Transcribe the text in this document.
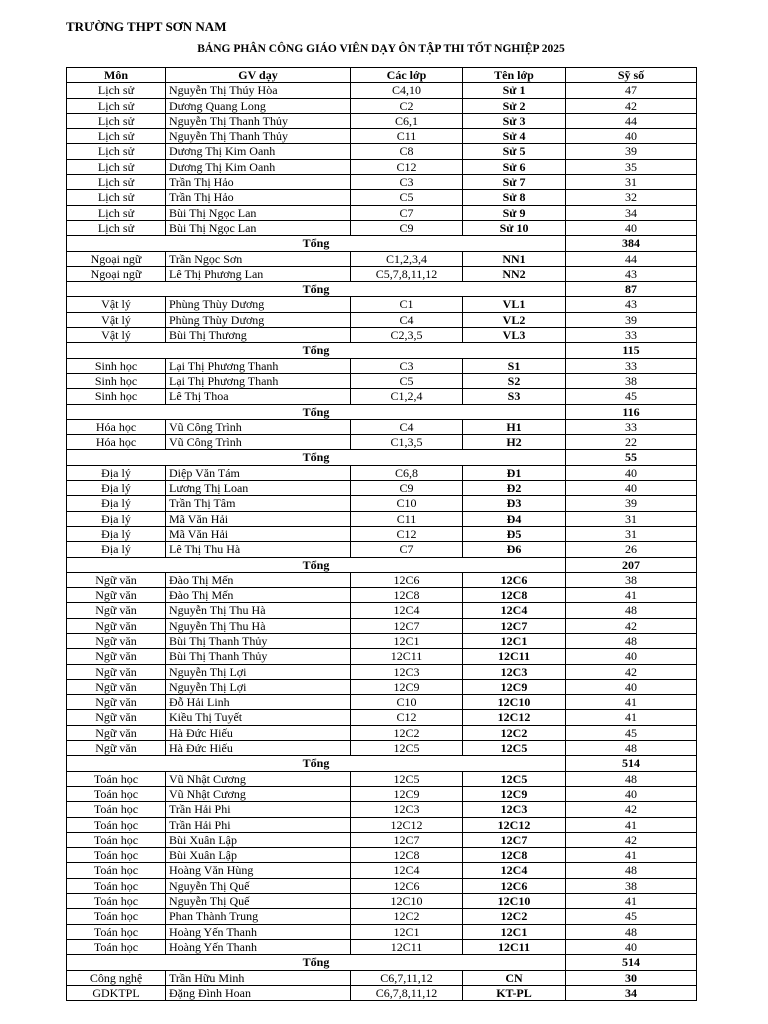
TRƯỜNG THPT SƠN NAM
BẢNG PHÂN CÔNG GIÁO VIÊN DẠY ÔN TẬP THI TỐT NGHIỆP 2025
Môn	GV dạy	Các lớp	Tên lớp	Sỹ số
Lịch sử	Nguyễn Thị Thúy Hòa	C4,10	Sử 1	47
Lịch sử	Dương Quang Long	C2	Sử 2	42
Lịch sử	Nguyễn Thị Thanh Thủy	C6,1	Sử 3	44
Lịch sử	Nguyễn Thị Thanh Thủy	C11	Sử 4	40
Lịch sử	Dương Thị Kim Oanh	C8	Sử 5	39
Lịch sử	Dương Thị Kim Oanh	C12	Sử 6	35
Lịch sử	Trần Thị Hảo	C3	Sử 7	31
Lịch sử	Trần Thị Hảo	C5	Sử 8	32
Lịch sử	Bùi Thị Ngọc Lan	C7	Sử 9	34
Lịch sử	Bùi Thị Ngọc Lan	C9	Sử 10	40
Tổng				384
Ngoại ngữ	Trần Ngọc Sơn	C1,2,3,4	NN1	44
Ngoại ngữ	Lê Thị Phương Lan	C5,7,8,11,12	NN2	43
Tổng				87
Vật lý	Phùng Thùy Dương	C1	VL1	43
Vật lý	Phùng Thùy Dương	C4	VL2	39
Vật lý	Bùi Thị Thương	C2,3,5	VL3	33
Tổng				115
Sinh học	Lại Thị Phương Thanh	C3	S1	33
Sinh học	Lại Thị Phương Thanh	C5	S2	38
Sinh học	Lê Thị Thoa	C1,2,4	S3	45
Tổng				116
Hóa học	Vũ Công Trình	C4	H1	33
Hóa học	Vũ Công Trình	C1,3,5	H2	22
Tổng				55
Địa lý	Diệp Văn Tám	C6,8	Đ1	40
Địa lý	Lương Thị Loan	C9	Đ2	40
Địa lý	Trần Thị Tâm	C10	Đ3	39
Địa lý	Mã Văn Hải	C11	Đ4	31
Địa lý	Mã Văn Hải	C12	Đ5	31
Địa lý	Lê Thị Thu Hà	C7	Đ6	26
Tổng				207
Ngữ văn	Đào Thị Mến	12C6	12C6	38
Ngữ văn	Đào Thị Mến	12C8	12C8	41
Ngữ văn	Nguyễn Thị Thu Hà	12C4	12C4	48
Ngữ văn	Nguyễn Thị Thu Hà	12C7	12C7	42
Ngữ văn	Bùi Thị Thanh Thủy	12C1	12C1	48
Ngữ văn	Bùi Thị Thanh Thủy	12C11	12C11	40
Ngữ văn	Nguyễn Thị Lợi	12C3	12C3	42
Ngữ văn	Nguyễn Thị Lợi	12C9	12C9	40
Ngữ văn	Đỗ Hải Linh	C10	12C10	41
Ngữ văn	Kiều Thị Tuyết	C12	12C12	41
Ngữ văn	Hà Đức Hiếu	12C2	12C2	45
Ngữ văn	Hà Đức Hiếu	12C5	12C5	48
Tổng				514
Toán học	Vũ Nhật Cương	12C5	12C5	48
Toán học	Vũ Nhật Cương	12C9	12C9	40
Toán học	Trần Hải Phi	12C3	12C3	42
Toán học	Trần Hải Phi	12C12	12C12	41
Toán học	Bùi Xuân Lập	12C7	12C7	42
Toán học	Bùi Xuân Lập	12C8	12C8	41
Toán học	Hoàng Văn Hùng	12C4	12C4	48
Toán học	Nguyễn Thị Quế	12C6	12C6	38
Toán học	Nguyễn Thị Quế	12C10	12C10	41
Toán học	Phan Thành Trung	12C2	12C2	45
Toán học	Hoàng Yến Thanh	12C1	12C1	48
Toán học	Hoàng Yến Thanh	12C11	12C11	40
Tổng				514
Công nghệ	Trần Hữu Minh	C6,7,11,12	CN	30
GDKTPL	Đặng Đình Hoan	C6,7,8,11,12	KT-PL	34
